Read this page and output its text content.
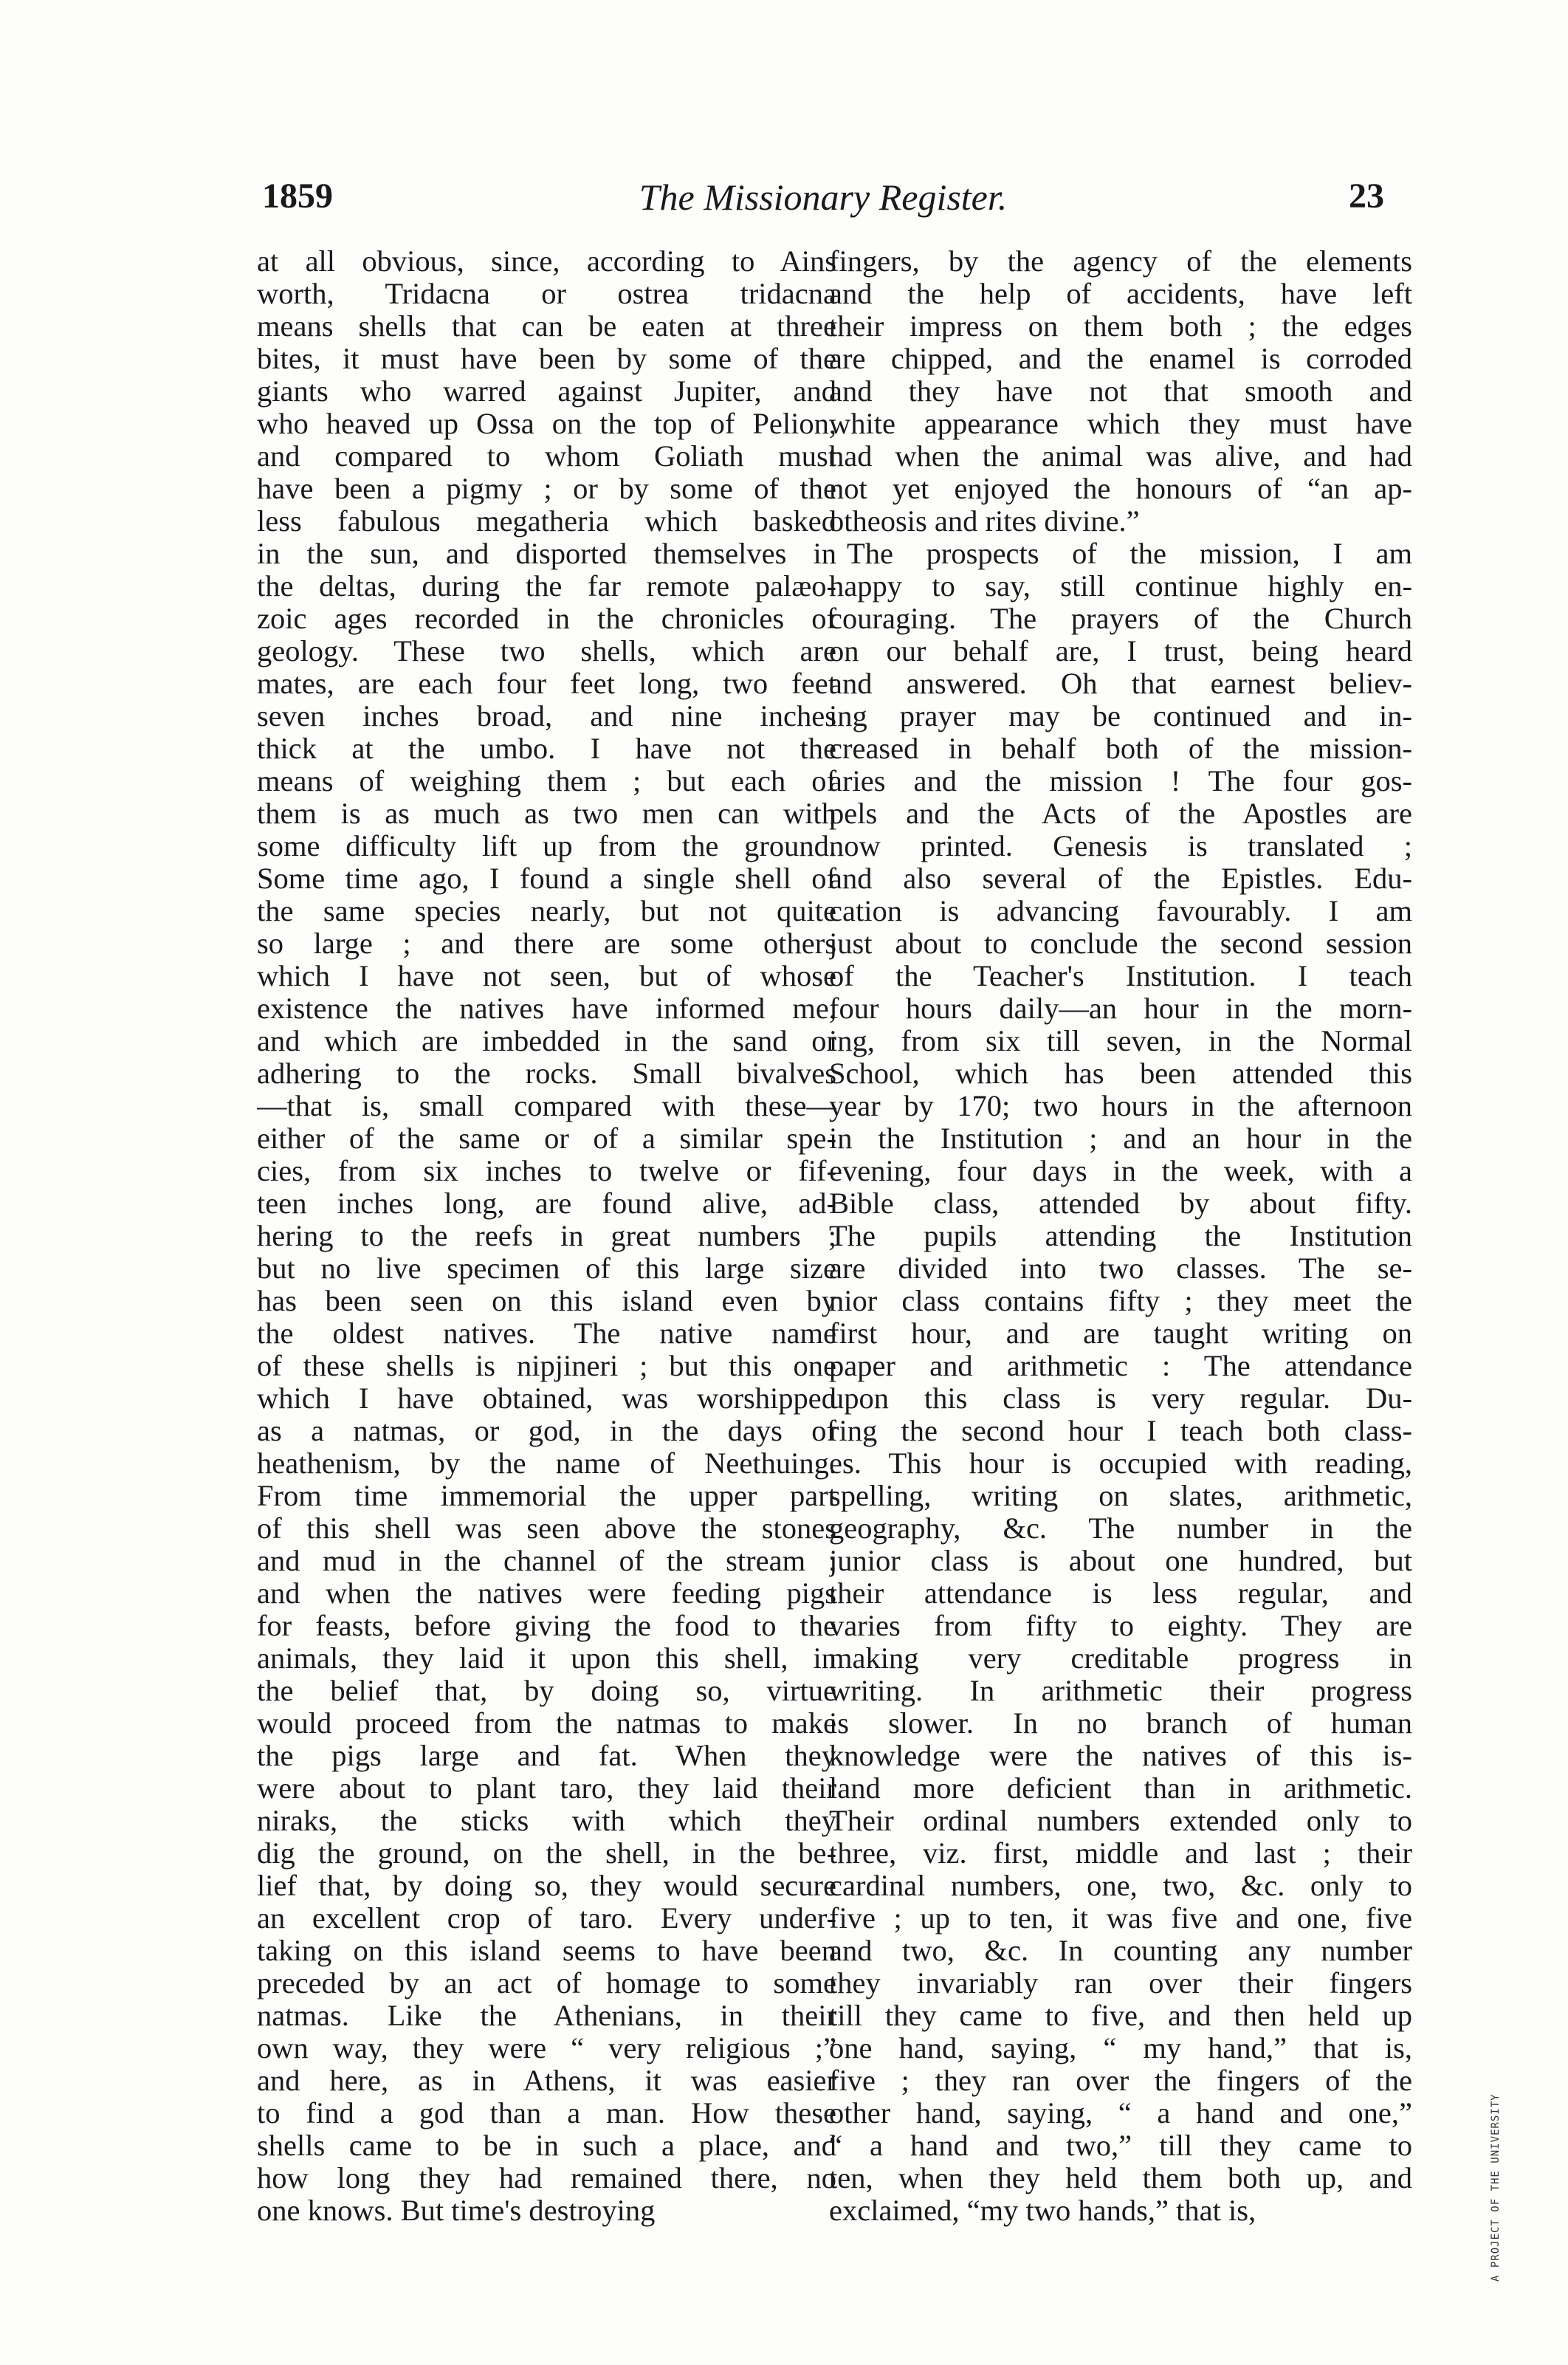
1859	The Missionary Register.	23
at all obvious, since, according to Ains
worth, Tridacna or ostrea tridacna
means shells that can be eaten at three
bites, it must have been by some of the
giants who warred against Jupiter, and
who heaved up Ossa on the top of Pelion,
and compared to whom Goliath must
have been a pigmy ; or by some of the
less fabulous megatheria which basked
in the sun, and disported themselves in
the deltas, during the far remote palæo-
zoic ages recorded in the chronicles of
geology. These two shells, which are
mates, are each four feet long, two feet
seven inches broad, and nine inches
thick at the umbo. I have not the
means of weighing them ; but each of
them is as much as two men can with
some difficulty lift up from the ground.
Some time ago, I found a single shell of
the same species nearly, but not quite
so large ; and there are some others
which I have not seen, but of whose
existence the natives have informed me,
and which are imbedded in the sand or
adhering to the rocks. Small bivalves
—that is, small compared with these—
either of the same or of a similar spe-
cies, from six inches to twelve or fif-
teen inches long, are found alive, ad-
hering to the reefs in great numbers ;
but no live specimen of this large size
has been seen on this island even by
the oldest natives. The native name
of these shells is nipjineri ; but this one
which I have obtained, was worshipped
as a natmas, or god, in the days of
heathenism, by the name of Neethuing.
From time immemorial the upper part
of this shell was seen above the stones
and mud in the channel of the stream :
and when the natives were feeding pigs
for feasts, before giving the food to the
animals, they laid it upon this shell, in
the belief that, by doing so, virtue
would proceed from the natmas to make
the pigs large and fat. When they
were about to plant taro, they laid their
niraks, the sticks with which they
dig the ground, on the shell, in the be-
lief that, by doing so, they would secure
an excellent crop of taro. Every under-
taking on this island seems to have been
preceded by an act of homage to some
natmas. Like the Athenians, in their
own way, they were “ very religious ;”
and here, as in Athens, it was easier
to find a god than a man. How these
shells came to be in such a place, and
how long they had remained there, no
one knows. But time's destroying
fingers, by the agency of the elements
and the help of accidents, have left
their impress on them both ; the edges
are chipped, and the enamel is corroded
and they have not that smooth and
white appearance which they must have
had when the animal was alive, and had
not yet enjoyed the honours of “an ap-
otheosis and rites divine.”
The prospects of the mission, I am
happy to say, still continue highly en-
couraging. The prayers of the Church
on our behalf are, I trust, being heard
and answered. Oh that earnest believ-
ing prayer may be continued and in-
creased in behalf both of the mission-
aries and the mission ! The four gos-
pels and the Acts of the Apostles are
now printed. Genesis is translated ;
and also several of the Epistles. Edu-
cation is advancing favourably. I am
just about to conclude the second session
of the Teacher's Institution. I teach
four hours daily—an hour in the morn-
ing, from six till seven, in the Normal
School, which has been attended this
year by 170; two hours in the afternoon
in the Institution ; and an hour in the
evening, four days in the week, with a
Bible class, attended by about fifty.
The pupils attending the Institution
are divided into two classes. The se-
nior class contains fifty ; they meet the
first hour, and are taught writing on
paper and arithmetic : The attendance
upon this class is very regular. Du-
ring the second hour I teach both class-
es. This hour is occupied with reading,
spelling, writing on slates, arithmetic,
geography, &c. The number in the
junior class is about one hundred, but
their attendance is less regular, and
varies from fifty to eighty. They are
making very creditable progress in
writing. In arithmetic their progress
is slower. In no branch of human
knowledge were the natives of this is-
land more deficient than in arithmetic.
Their ordinal numbers extended only to
three, viz. first, middle and last ; their
cardinal numbers, one, two, &c. only to
five ; up to ten, it was five and one, five
and two, &c. In counting any number
they invariably ran over their fingers
till they came to five, and then held up
one hand, saying, “ my hand,” that is,
five ; they ran over the fingers of the
other hand, saying, “ a hand and one,”
“ a hand and two,” till they came to
ten, when they held them both up, and
exclaimed, “my two hands,” that is,	A PROJECT OF THE UNIVERSITY
